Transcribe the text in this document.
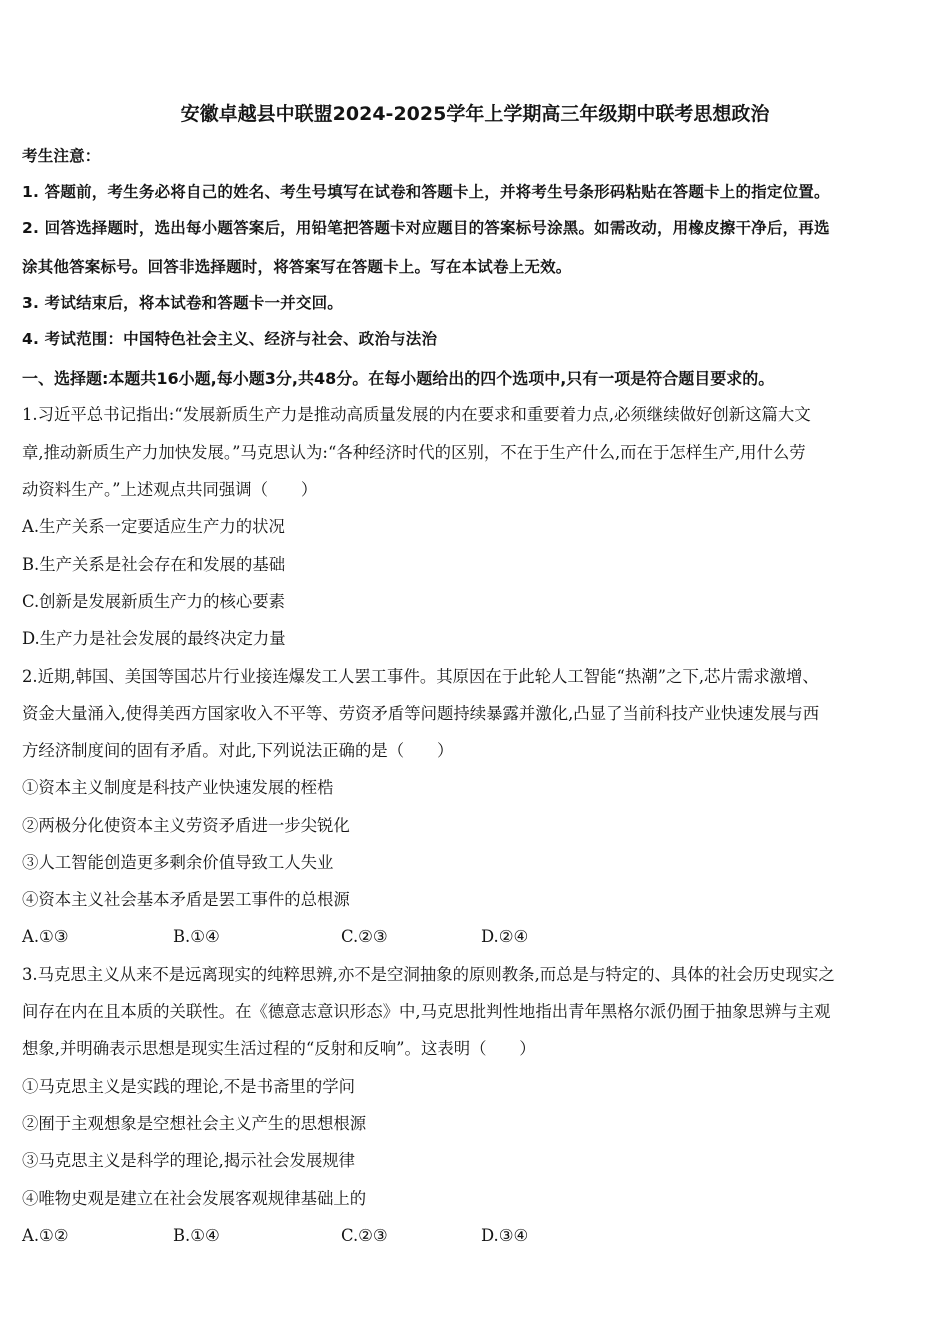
安徽卓越县中联盟2024-2025学年上学期高三年级期中联考思想政治
考生注意：
1. 答题前，考生务必将自己的姓名、考生号填写在试卷和答题卡上，并将考生号条形码粘贴在答题卡上的指定位置。
2. 回答选择题时，选出每小题答案后，用铅笔把答题卡对应题目的答案标号涂黑。如需改动，用橡皮擦干净后，再选
涂其他答案标号。回答非选择题时，将答案写在答题卡上。写在本试卷上无效。
3. 考试结束后，将本试卷和答题卡一并交回。
4. 考试范围：中国特色社会主义、经济与社会、政治与法治
一、选择题:本题共16小题,每小题3分,共48分。在每小题给出的四个选项中,只有一项是符合题目要求的。
1.习近平总书记指出:“发展新质生产力是推动高质量发展的内在要求和重要着力点,必须继续做好创新这篇大文
章,推动新质生产力加快发展。”马克思认为:“各种经济时代的区别，不在于生产什么,而在于怎样生产,用什么劳
动资料生产。”上述观点共同强调（　　）
A.生产关系一定要适应生产力的状况
B.生产关系是社会存在和发展的基础
C.创新是发展新质生产力的核心要素
D.生产力是社会发展的最终决定力量
2.近期,韩国、美国等国芯片行业接连爆发工人罢工事件。其原因在于此轮人工智能“热潮”之下,芯片需求激增、
资金大量涌入,使得美西方国家收入不平等、劳资矛盾等问题持续暴露并激化,凸显了当前科技产业快速发展与西
方经济制度间的固有矛盾。对此,下列说法正确的是（　　）
①资本主义制度是科技产业快速发展的桎梏
②两极分化使资本主义劳资矛盾进一步尖锐化
③人工智能创造更多剩余价值导致工人失业
④资本主义社会基本矛盾是罢工事件的总根源
A.①③	B.①④	C.②③	D.②④
3.马克思主义从来不是远离现实的纯粹思辨,亦不是空洞抽象的原则教条,而总是与特定的、具体的社会历史现实之
间存在内在且本质的关联性。在《德意志意识形态》中,马克思批判性地指出青年黑格尔派仍囿于抽象思辨与主观
想象,并明确表示思想是现实生活过程的“反射和反响”。这表明（　　）
①马克思主义是实践的理论,不是书斋里的学问
②囿于主观想象是空想社会主义产生的思想根源
③马克思主义是科学的理论,揭示社会发展规律
④唯物史观是建立在社会发展客观规律基础上的
A.①②	B.①④	C.②③	D.③④
